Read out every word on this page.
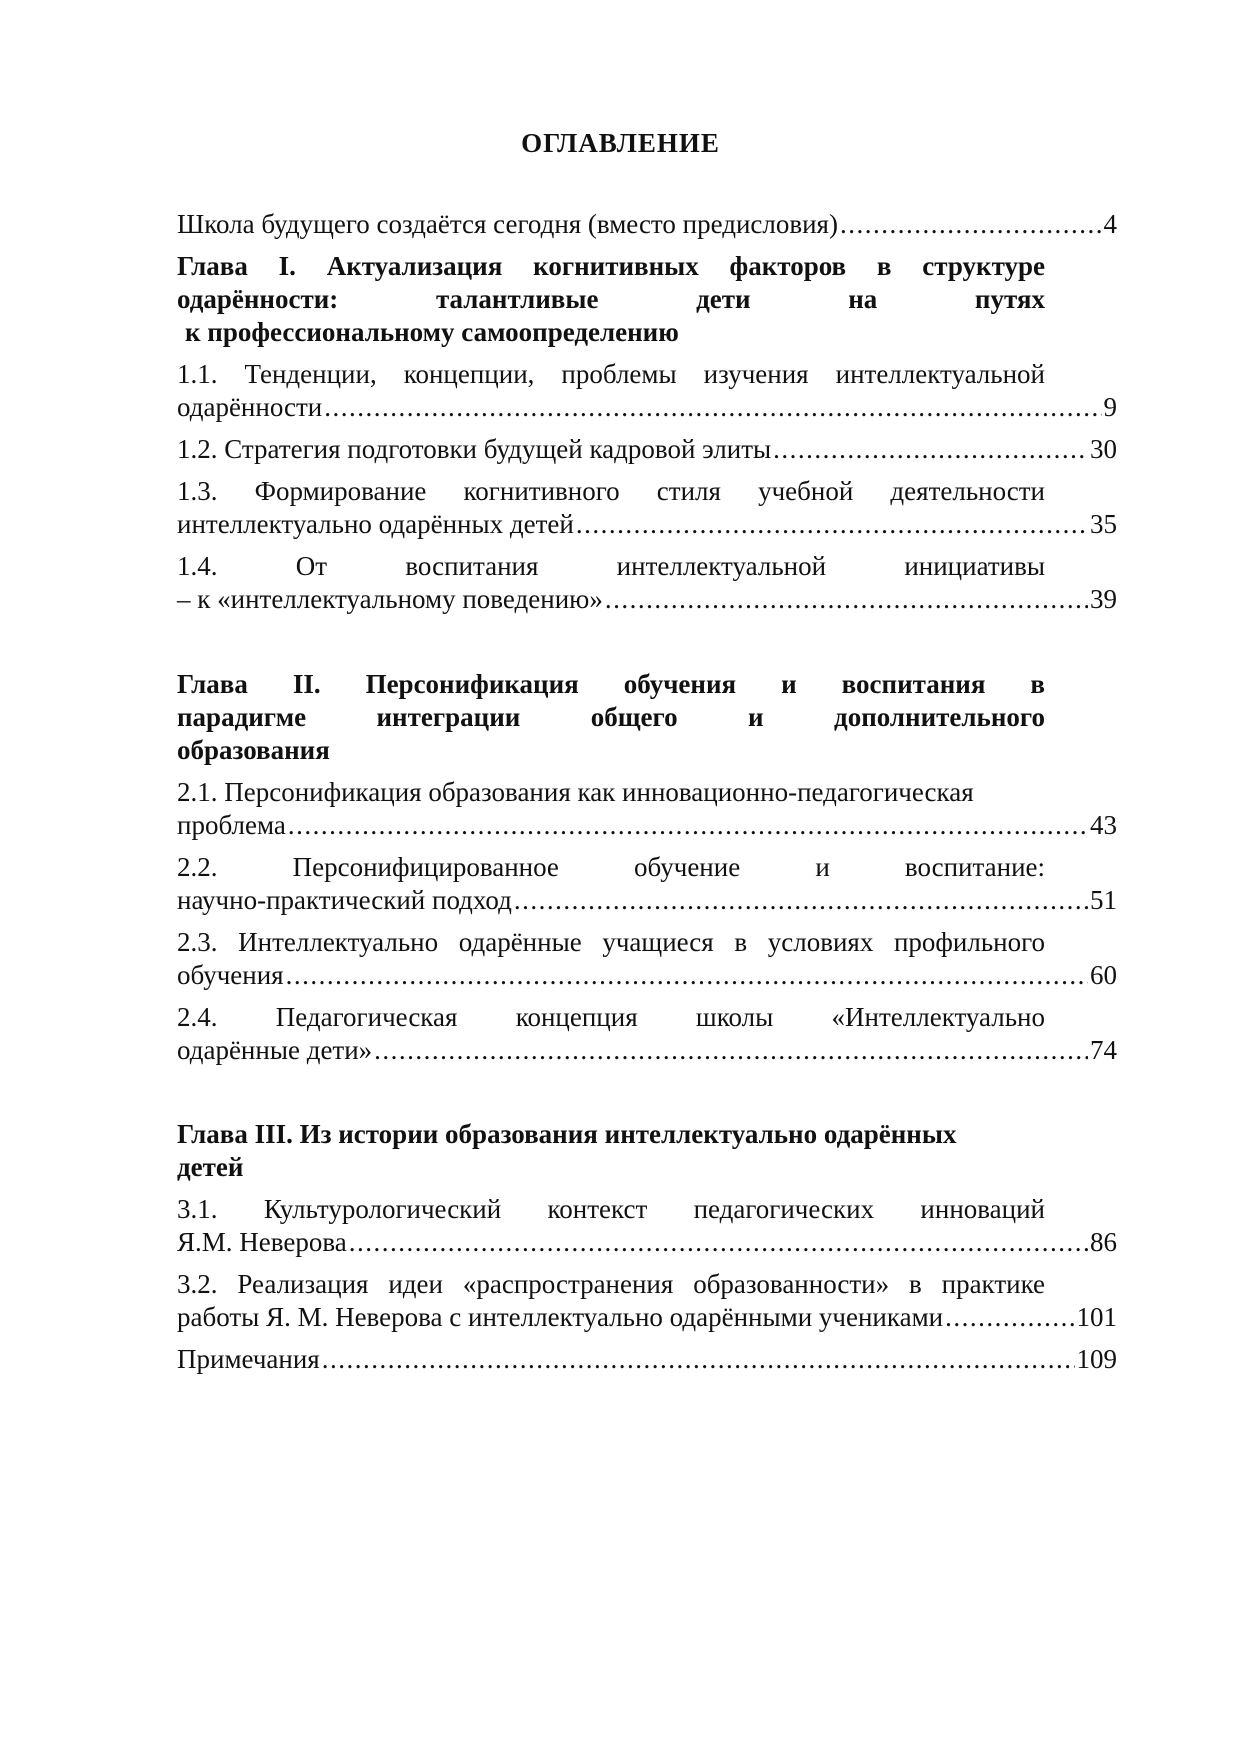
ОГЛАВЛЕНИЕ
Школа будущего создаётся сегодня (вместо предисловия) .....	4
Глава I. Актуализация когнитивных факторов в структуре
одарённости: талантливые дети на путях
к профессиональному самоопределению
1.1. Тенденции, концепции, проблемы изучения интеллектуальной
одарённости .....	9
1.2. Стратегия подготовки будущей кадровой элиты .....	30
1.3. Формирование когнитивного стиля учебной деятельности
интеллектуально одарённых детей .....	35
1.4. От воспитания интеллектуальной инициативы
– к «интеллектуальному поведению» .....	39
Глава II. Персонификация обучения и воспитания в
парадигме интеграции общего и дополнительного
образования
2.1. Персонификация образования как инновационно-педагогическая
проблема .....	43
2.2. Персонифицированное обучение и воспитание:
научно-практический подход .....	51
2.3. Интеллектуально одарённые учащиеся в условиях профильного
обучения .....	60
2.4. Педагогическая концепция школы «Интеллектуально
одарённые дети» .....	74
Глава III. Из истории образования интеллектуально одарённых
детей
3.1. Культурологический контекст педагогических инноваций
Я.М. Неверова .....	86
3.2. Реализация идеи «распространения образованности» в практике
работы Я. М. Неверова с интеллектуально одарёнными учениками .....	101
Примечания .....	109
